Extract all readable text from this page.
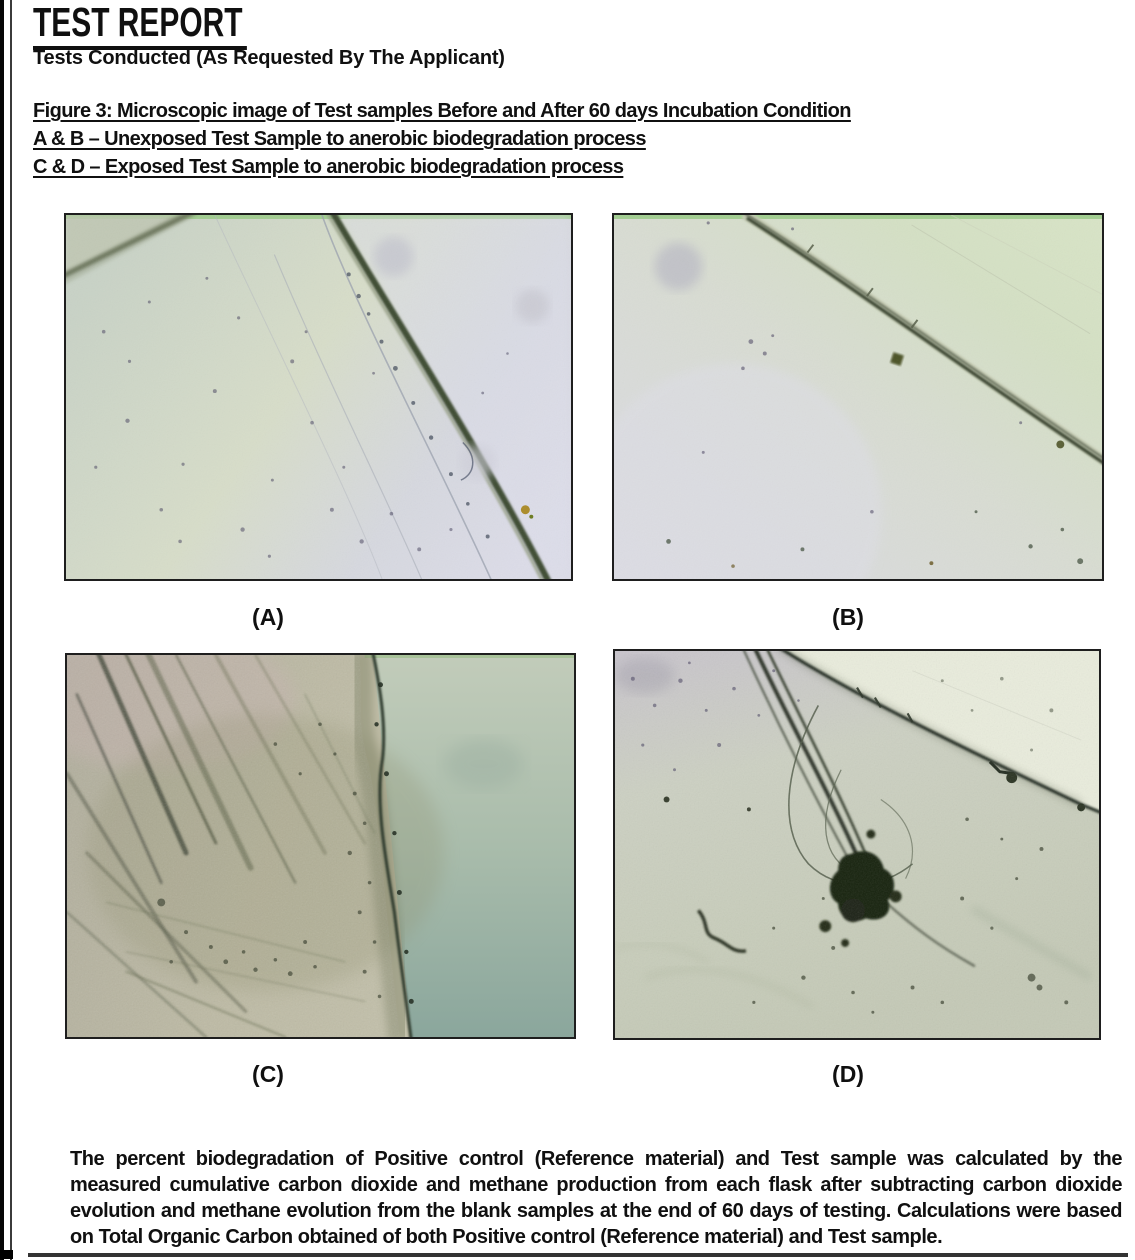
TEST REPORT
Tests Conducted (As Requested By The Applicant)
Figure 3: Microscopic image of Test samples Before and After 60 days Incubation Condition
A & B – Unexposed Test Sample to anerobic biodegradation process
C & D – Exposed Test Sample to anerobic biodegradation process
(A)	(B)
(C)	(D)

The percent biodegradation of Positive control (Reference material) and Test sample was calculated by the measured cumulative carbon dioxide and methane production from each flask after subtracting carbon dioxide evolution and methane evolution from the blank samples at the end of 60 days of testing. Calculations were based on Total Organic Carbon obtained of both Positive control (Reference material) and Test sample.
